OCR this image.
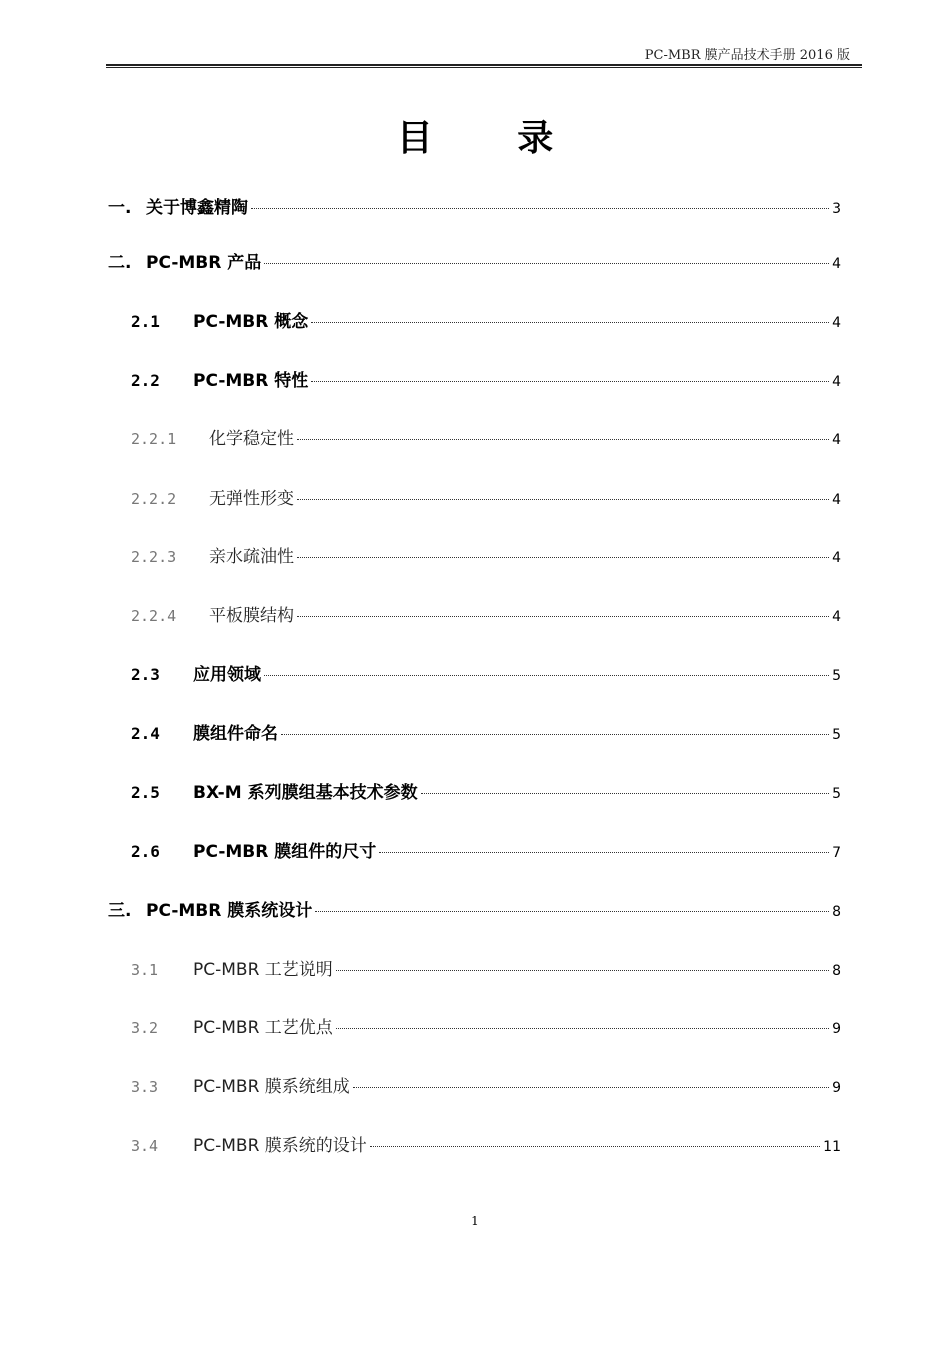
PC-MBR 膜产品技术手册 2016 版
目 录
一. 关于博鑫精陶	3
二. PC-MBR 产品	4
2.1	PC-MBR 概念	4
2.2	PC-MBR 特性	4
2.2.1	化学稳定性	4
2.2.2	无弹性形变	4
2.2.3	亲水疏油性	4
2.2.4	平板膜结构	4
2.3	应用领域	5
2.4	膜组件命名	5
2.5	BX-M 系列膜组基本技术参数	5
2.6	PC-MBR 膜组件的尺寸	7
三. PC-MBR 膜系统设计	8
3.1	PC-MBR 工艺说明	8
3.2	PC-MBR 工艺优点	9
3.3	PC-MBR 膜系统组成	9
3.4	PC-MBR 膜系统的设计	11
1
